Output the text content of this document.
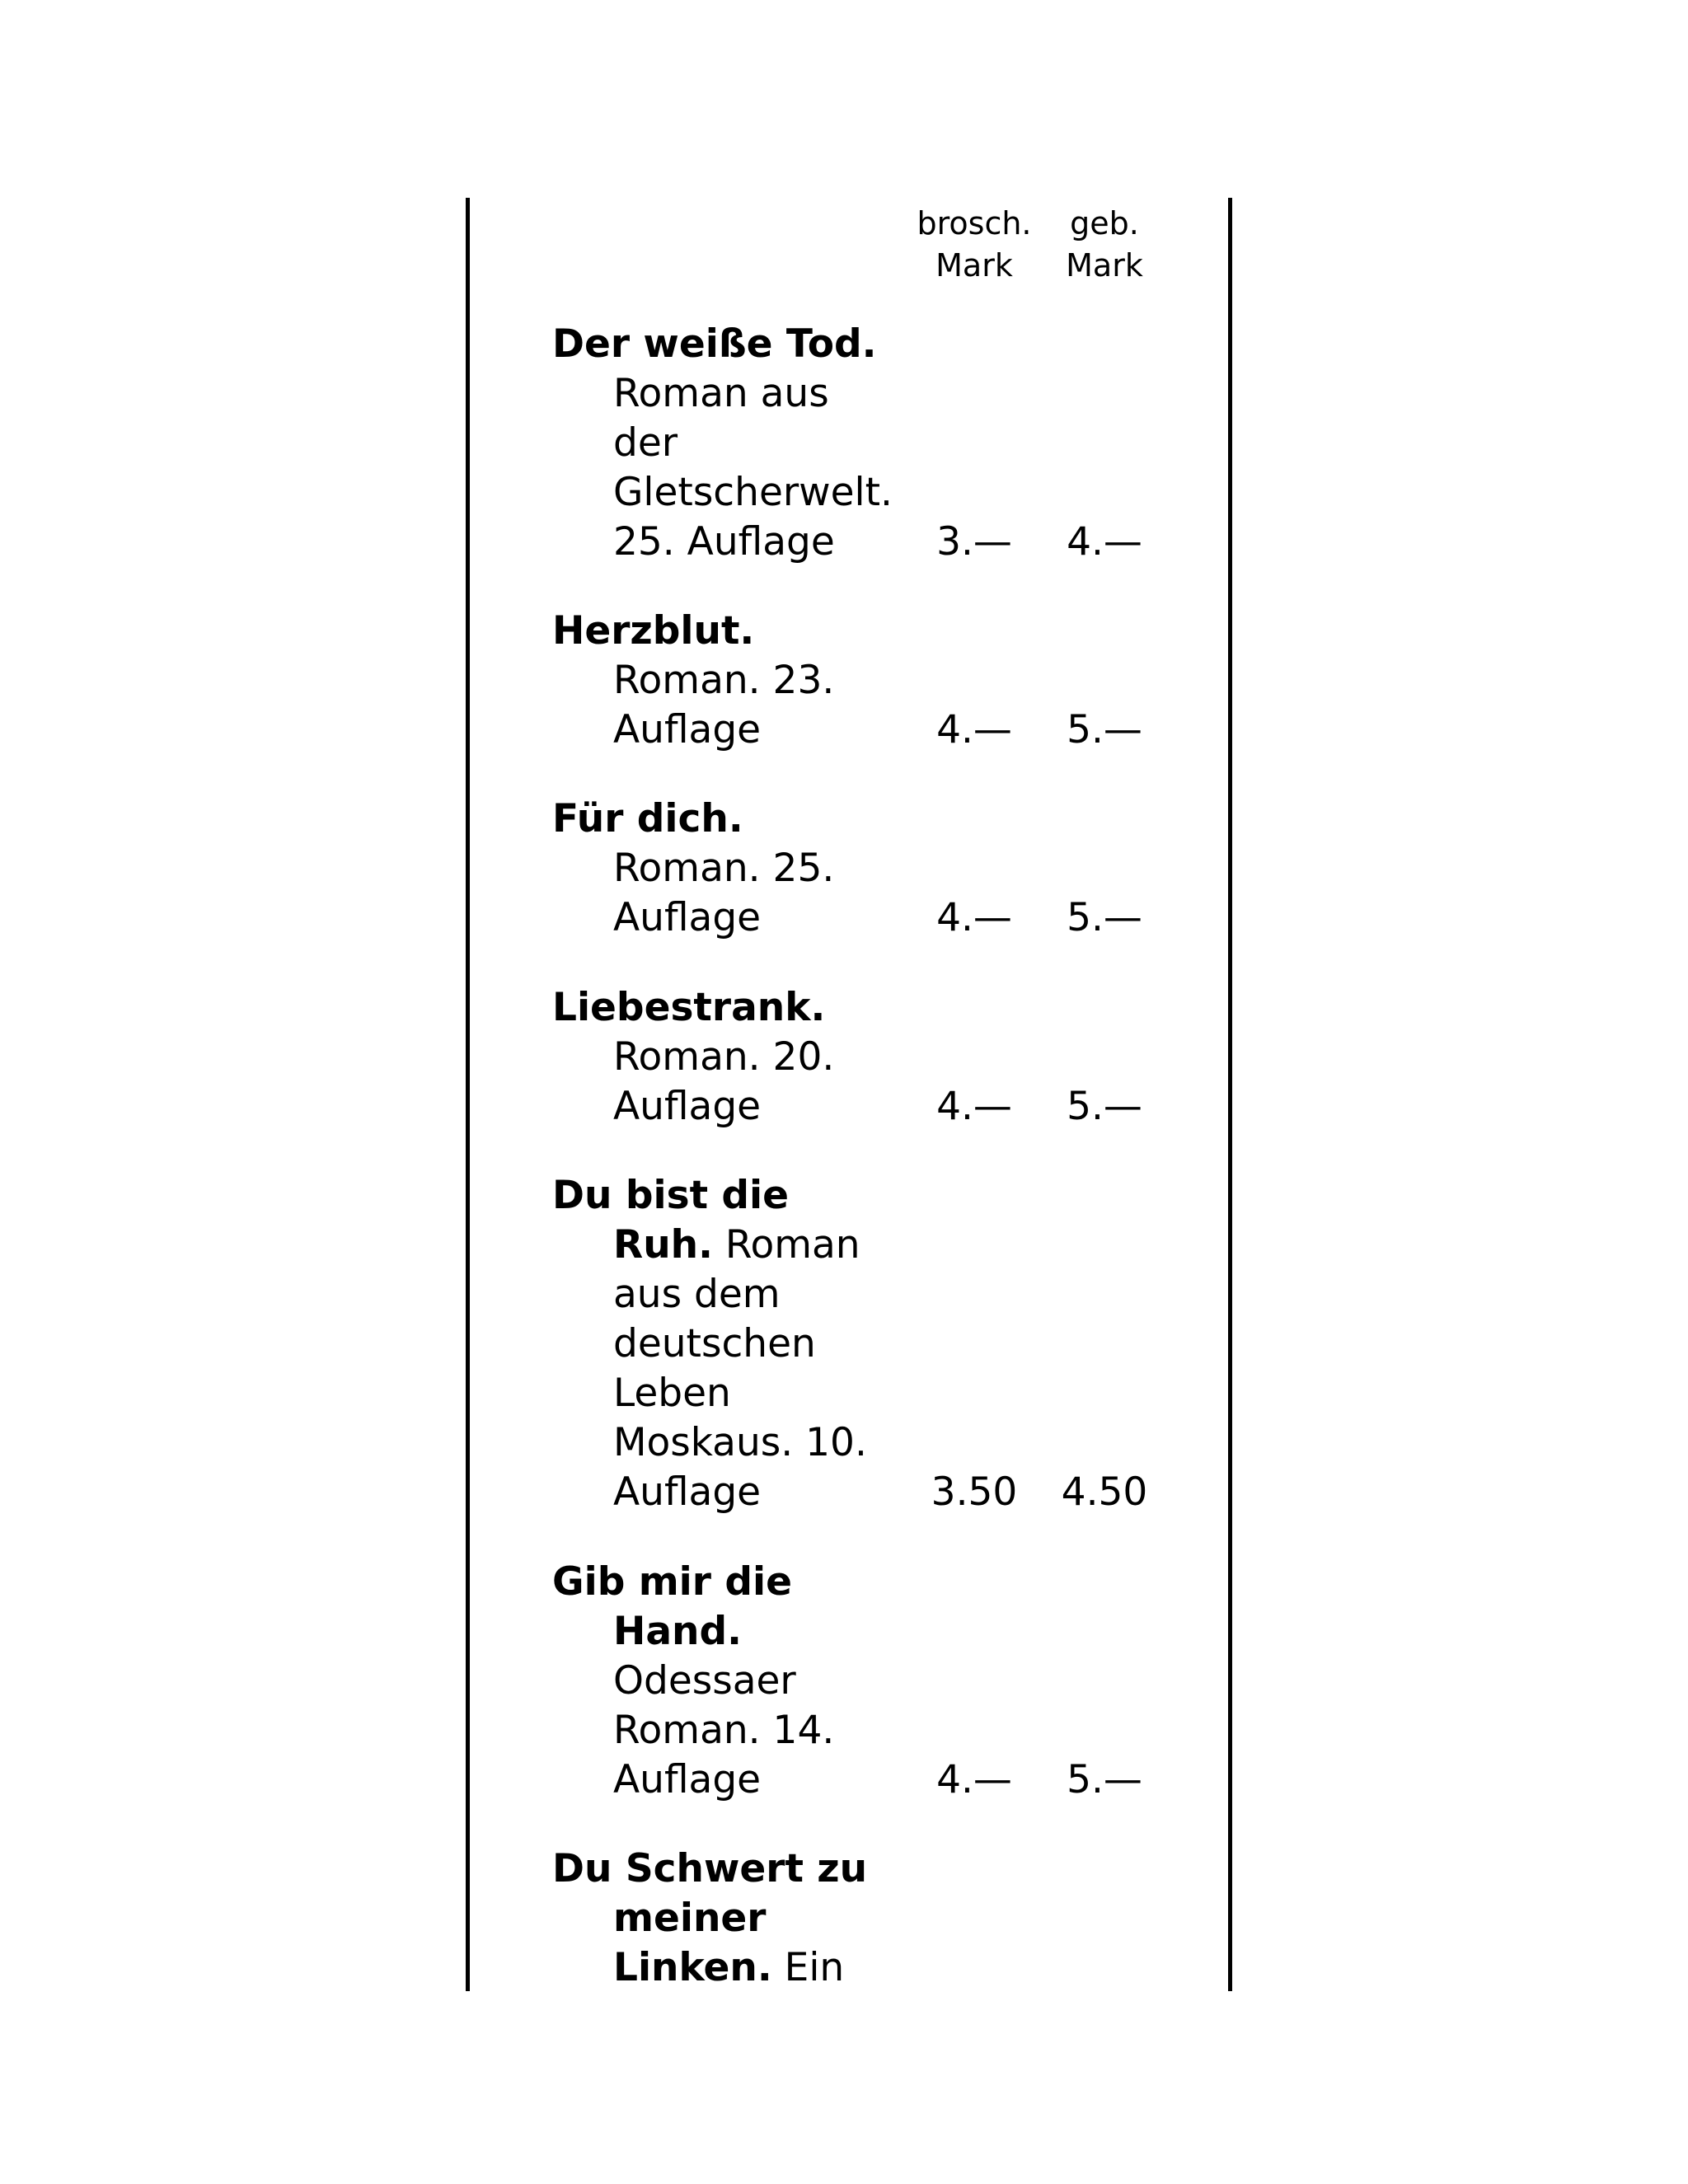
brosch.
Mark
geb.
Mark
Der weiße Tod.
Roman aus
der
Gletscherwelt.
25. Auflage	3.—	4.—
Herzblut.
Roman. 23.
Auflage	4.—	5.—
Für dich.
Roman. 25.
Auflage	4.—	5.—
Liebestrank.
Roman. 20.
Auflage	4.—	5.—
Du bist die
Ruh. Roman
aus dem
deutschen
Leben
Moskaus. 10.
Auflage	3.50	4.50
Gib mir die
Hand.
Odessaer
Roman. 14.
Auflage	4.—	5.—
Du Schwert zu
meiner
Linken. Ein
